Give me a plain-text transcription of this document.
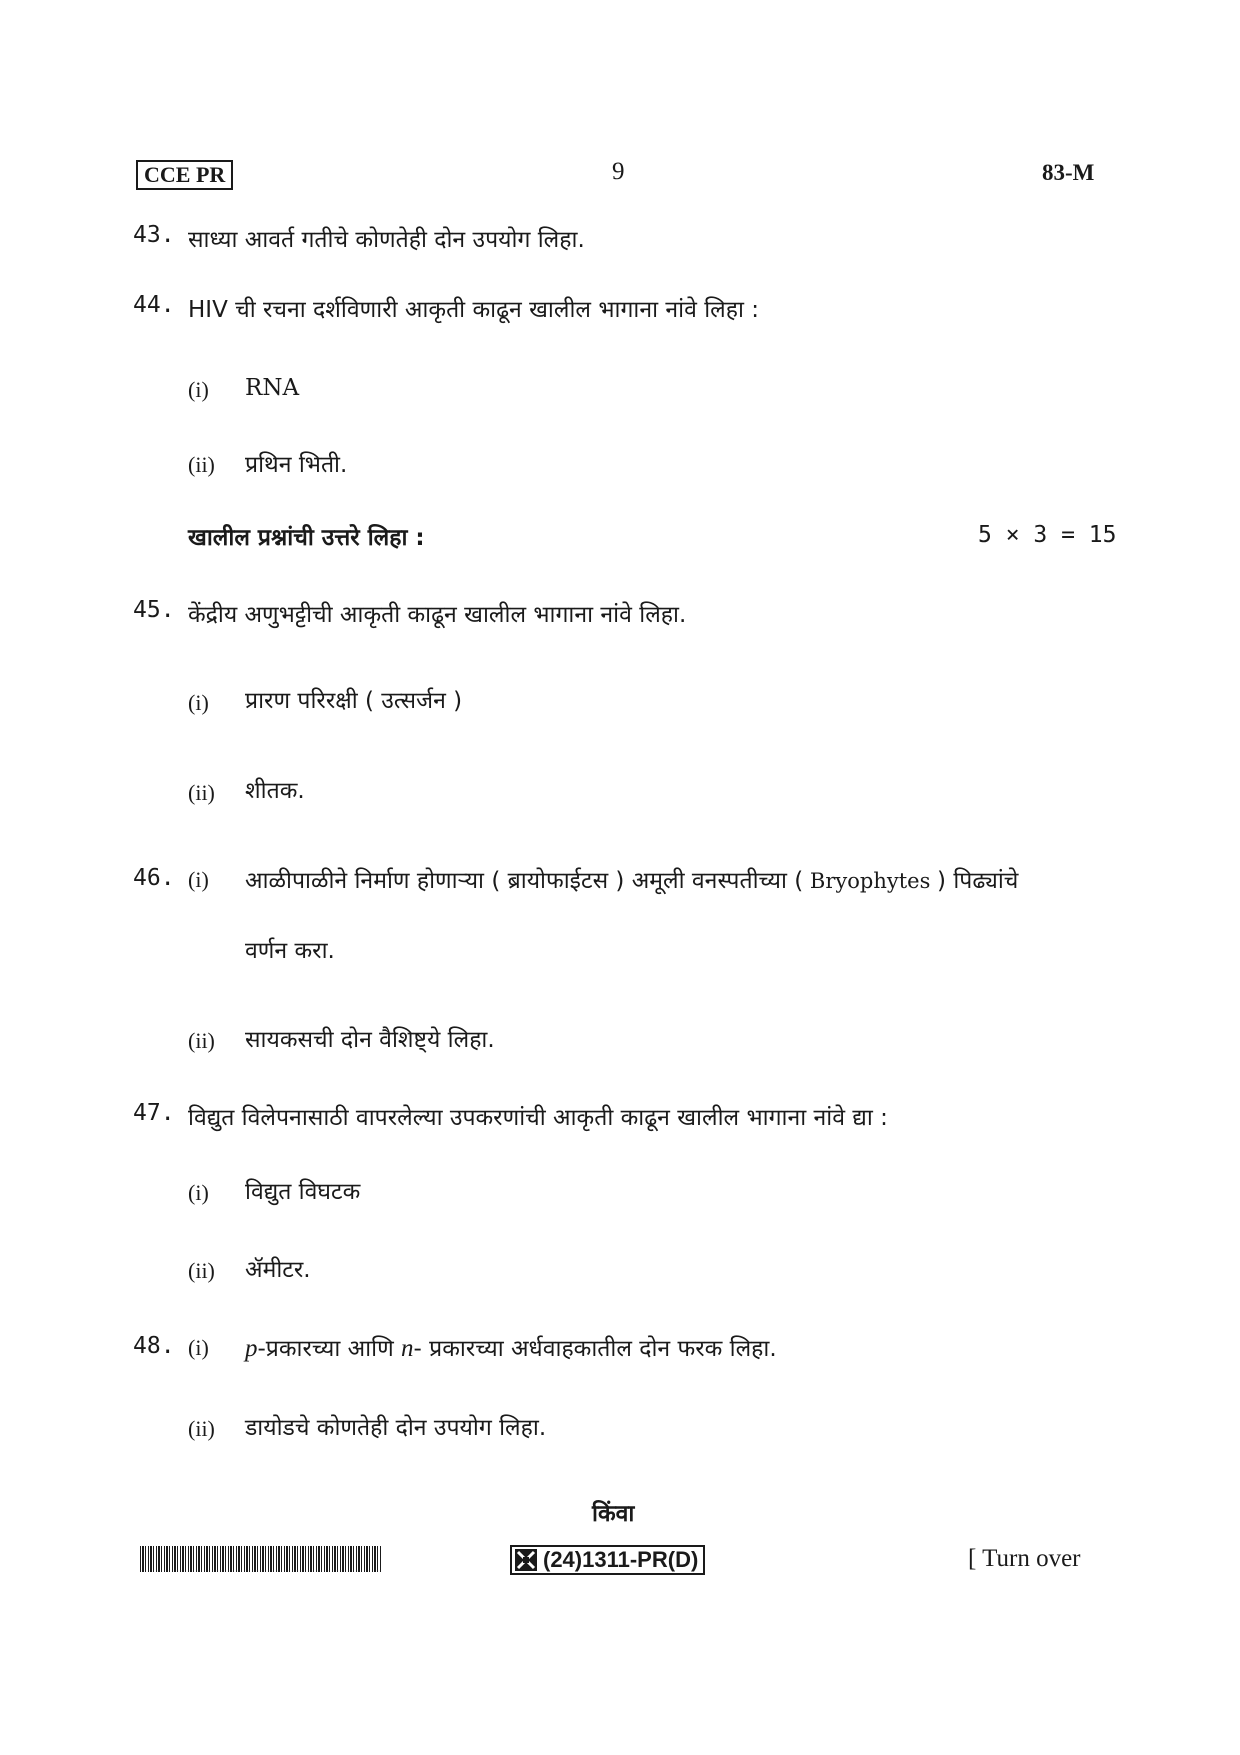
CCE PR	9	83-M
43. साध्या आवर्त गतीचे कोणतेही दोन उपयोग लिहा.
44. HIV ची रचना दर्शविणारी आकृती काढून खालील भागाना नांवे लिहा :
(i) RNA
(ii) प्रथिन भिती.
खालील प्रश्नांची उत्तरे लिहा :	5 × 3 = 15
45. केंद्रीय अणुभट्टीची आकृती काढून खालील भागाना नांवे लिहा.
(i) प्रारण परिरक्षी ( उत्सर्जन )
(ii) शीतक.
46. (i) आळीपाळीने निर्माण होणाऱ्या ( ब्रायोफाईटस ) अमूली वनस्पतीच्या ( Bryophytes ) पिढ्यांचे
वर्णन करा.
(ii) सायकसची दोन वैशिष्ट्ये लिहा.
47. विद्युत विलेपनासाठी वापरलेल्या उपकरणांची आकृती काढून खालील भागाना नांवे द्या :
(i) विद्युत विघटक
(ii) ॲमीटर.
48. (i) p-प्रकारच्या आणि n- प्रकारच्या अर्धवाहकातील दोन फरक लिहा.
(ii) डायोडचे कोणतेही दोन उपयोग लिहा.
किंवा
(24)1311-PR(D)	[ Turn over
